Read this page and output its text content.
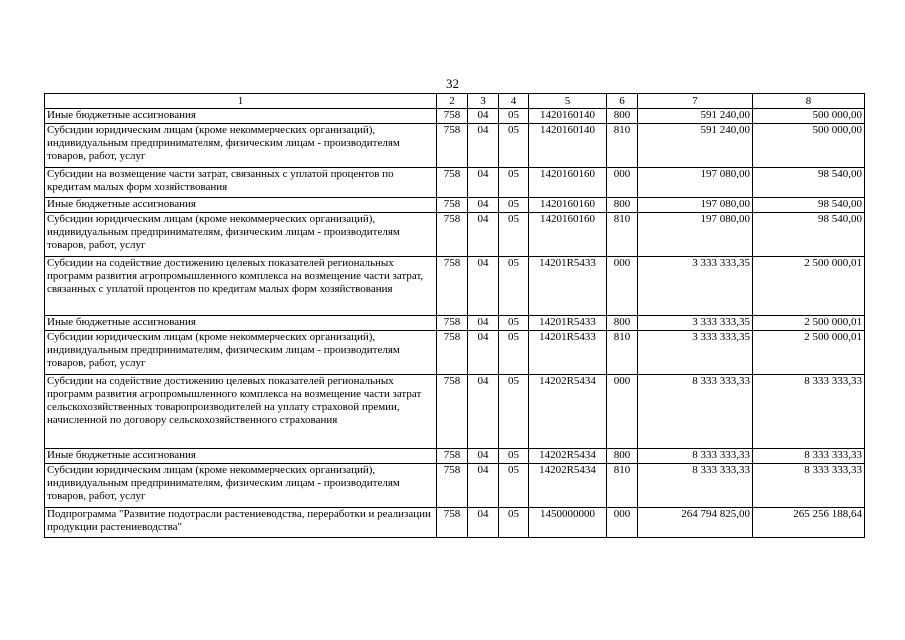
32
1	2	3	4	5	6	7	8
Иные бюджетные ассигнования	758	04	05	1420160140	800	591 240,00	500 000,00
Субсидии юридическим лицам (кроме некоммерческих организаций), индивидуальным предпринимателям, физическим лицам - производителям товаров, работ, услуг	758	04	05	1420160140	810	591 240,00	500 000,00
Субсидии на возмещение части затрат, связанных с уплатой процентов по кредитам малых форм хозяйствования	758	04	05	1420160160	000	197 080,00	98 540,00
Иные бюджетные ассигнования	758	04	05	1420160160	800	197 080,00	98 540,00
Субсидии юридическим лицам (кроме некоммерческих организаций), индивидуальным предпринимателям, физическим лицам - производителям товаров, работ, услуг	758	04	05	1420160160	810	197 080,00	98 540,00
Субсидии на содействие достижению целевых показателей региональных программ развития агропромышленного комплекса на возмещение части затрат, связанных с уплатой процентов по кредитам малых форм хозяйствования	758	04	05	14201R5433	000	3 333 333,35	2 500 000,01
Иные бюджетные ассигнования	758	04	05	14201R5433	800	3 333 333,35	2 500 000,01
Субсидии юридическим лицам (кроме некоммерческих организаций), индивидуальным предпринимателям, физическим лицам - производителям товаров, работ, услуг	758	04	05	14201R5433	810	3 333 333,35	2 500 000,01
Субсидии на содействие достижению целевых показателей региональных программ развития агропромышленного комплекса на возмещение части затрат сельскохозяйственных товаропроизводителей на уплату страховой премии, начисленной по договору сельскохозяйственного страхования	758	04	05	14202R5434	000	8 333 333,33	8 333 333,33
Иные бюджетные ассигнования	758	04	05	14202R5434	800	8 333 333,33	8 333 333,33
Субсидии юридическим лицам (кроме некоммерческих организаций), индивидуальным предпринимателям, физическим лицам - производителям товаров, работ, услуг	758	04	05	14202R5434	810	8 333 333,33	8 333 333,33
Подпрограмма "Развитие подотрасли растениеводства, переработки и реализации продукции растениеводства"	758	04	05	1450000000	000	264 794 825,00	265 256 188,64
